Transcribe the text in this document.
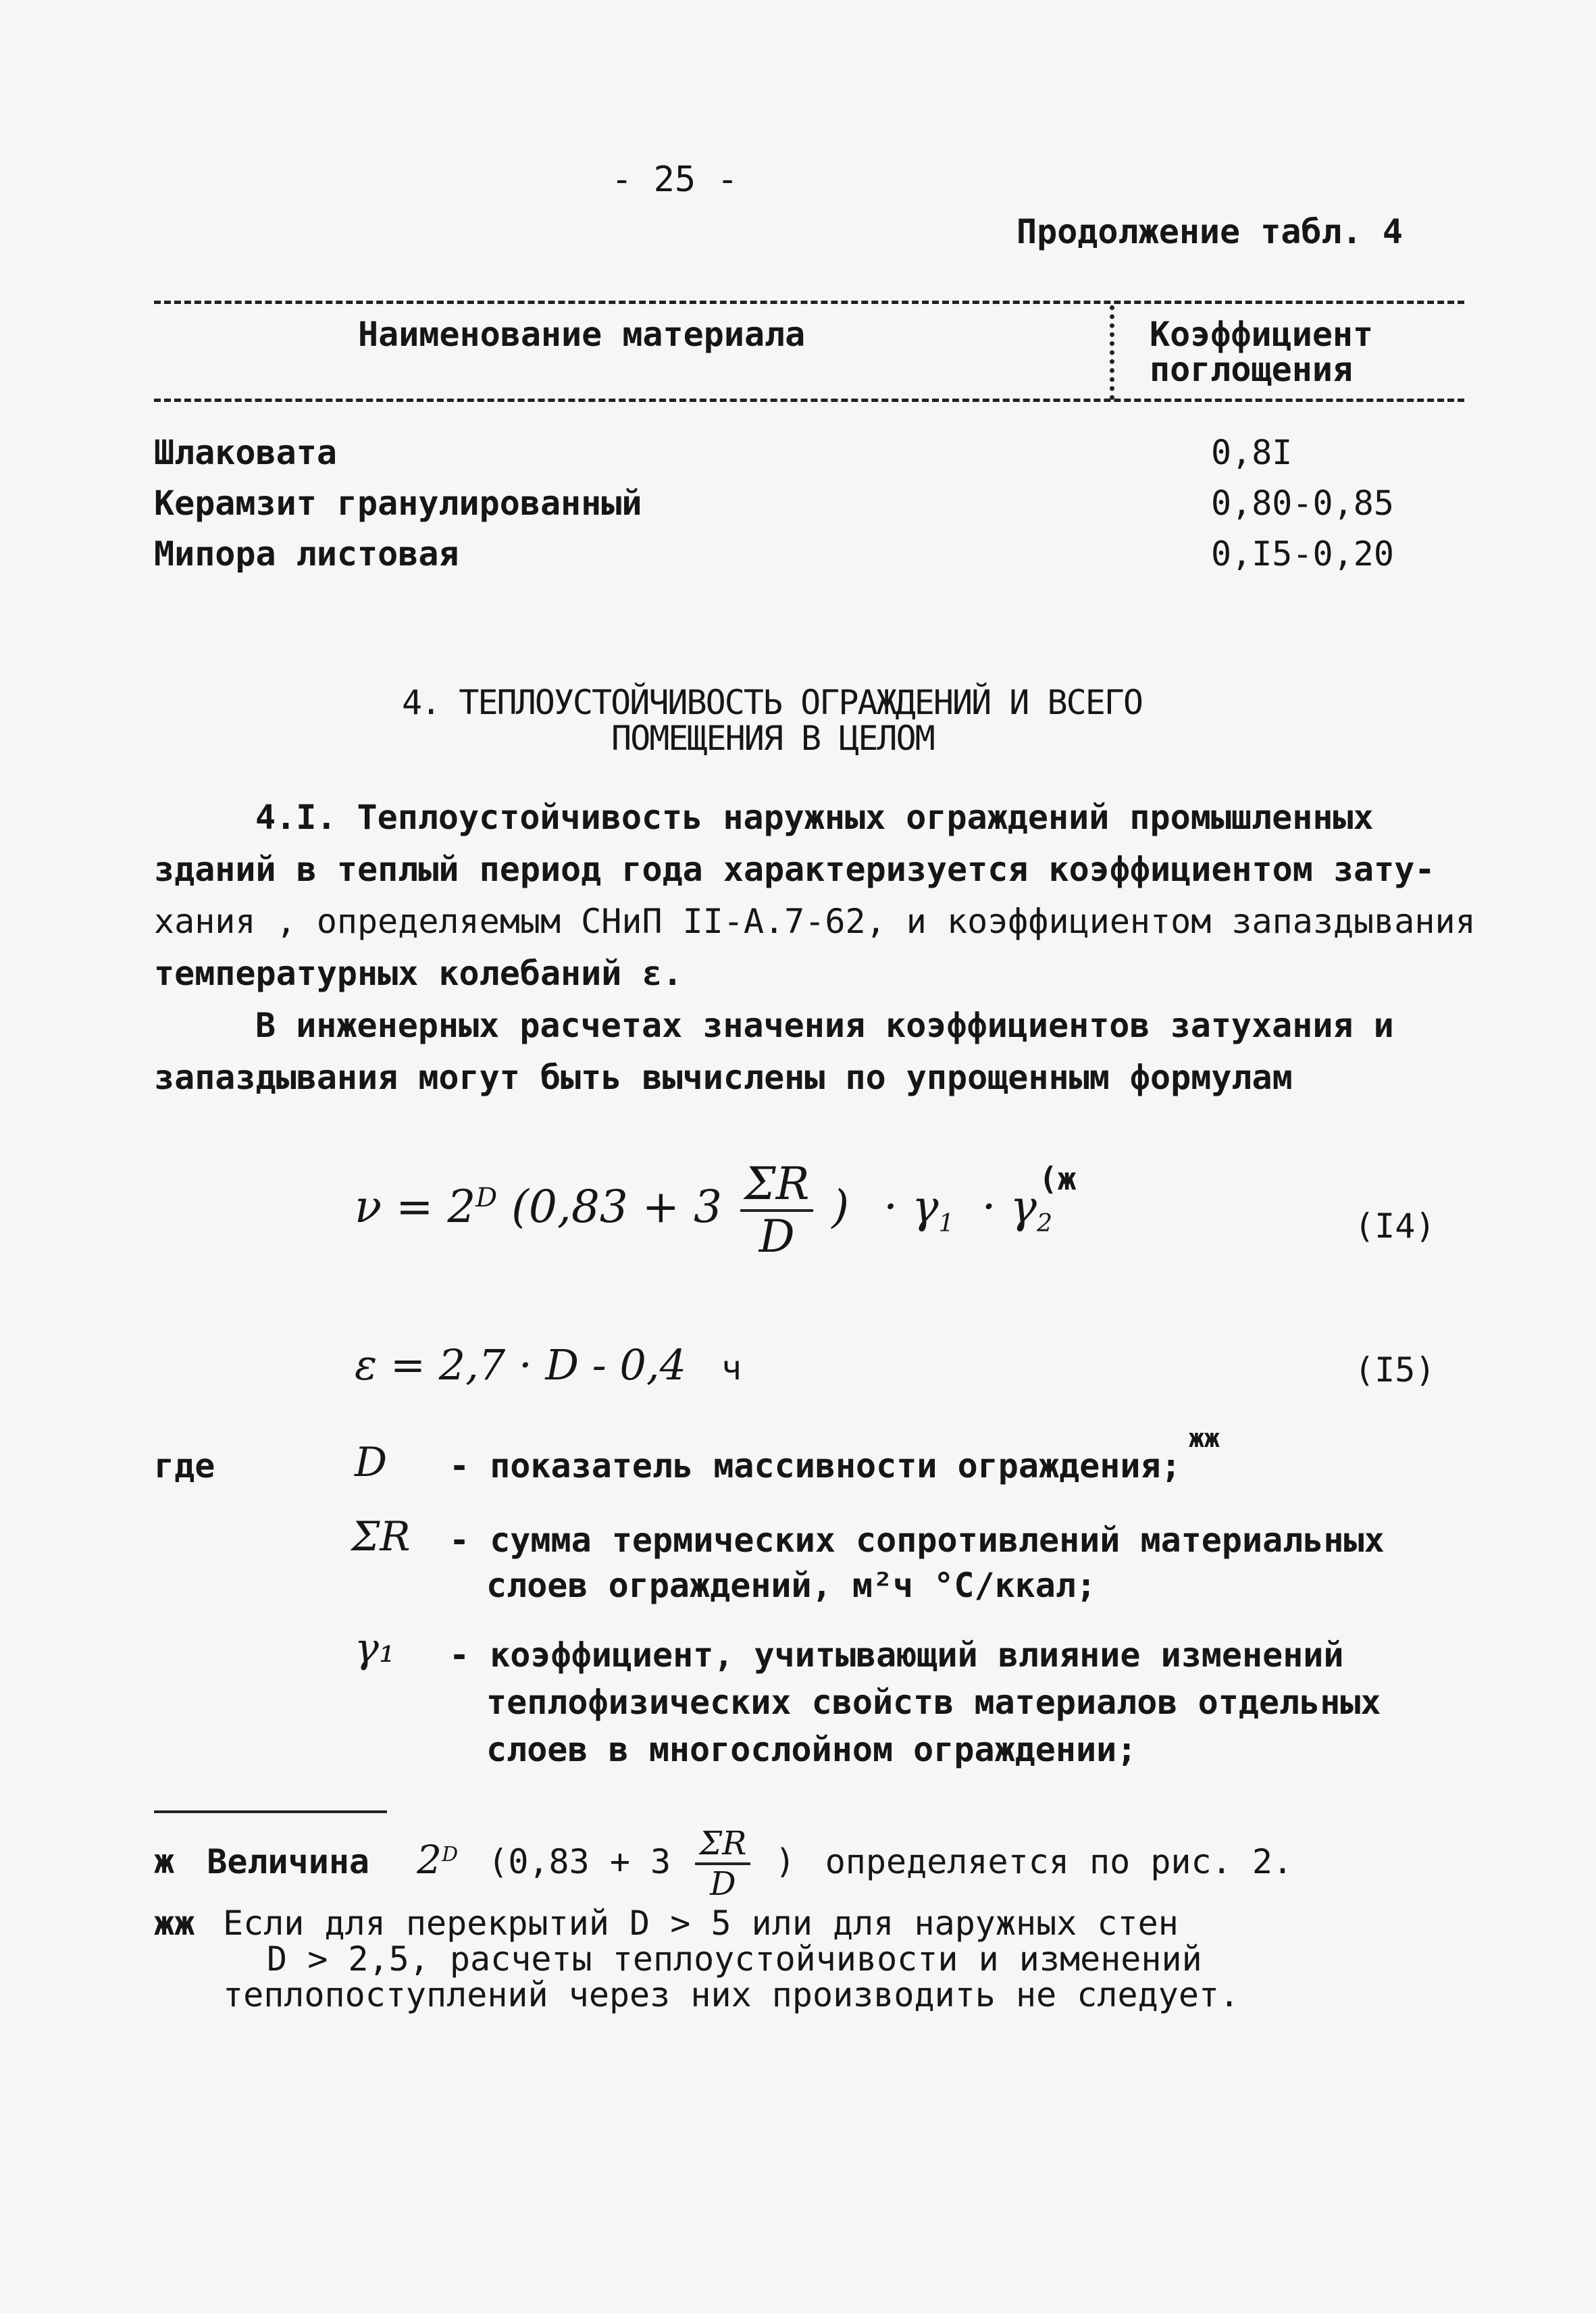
- 25 -
Продолжение табл. 4
Наименование материала	Коэффициент
поглощения
Шлаковата	0,8I
Керамзит гранулированный	0,80-0,85
Мипора листовая	0,I5-0,20
4. ТЕПЛОУСТОЙЧИВОСТЬ ОГРАЖДЕНИЙ И ВСЕГО
ПОМЕЩЕНИЯ В ЦЕЛОМ
4.I. Теплоустойчивость наружных ограждений промышленных
зданий в теплый период года характеризуется коэффициентом зату-
хания , определяемым СНиП II-А.7-62, и коэффициентом запаздывания
температурных колебаний ε.
В инженерных расчетах значения коэффициентов затухания и
запаздывания могут быть вычислены по упрощенным формулам
$\nu = 2^D$ ($0,83 + 3 \frac{\Sigma R}{D}$ ) · $\gamma_1 \cdot \gamma_2$
(ж
(I4)
ε = 2,7 · D - 0,4 ч	(I5)
жж
где	D - показатель массивности ограждения;
ΣR - сумма термических сопротивлений материальных
слоев ограждений, м²ч °С/ккал;
γ₁ - коэффициент, учитывающий влияние изменений
теплофизических свойств материалов отдельных
слоев в многослойном ограждении;
ж Величина $2^D$ ($0,83 + 3 \frac{\Sigma R}{D}$ ) определяется по рис. 2.
жж Если для перекрытий D > 5 или для наружных стен
D > 2,5, расчеты теплоустойчивости и изменений
теплопоступлений через них производить не следует.
